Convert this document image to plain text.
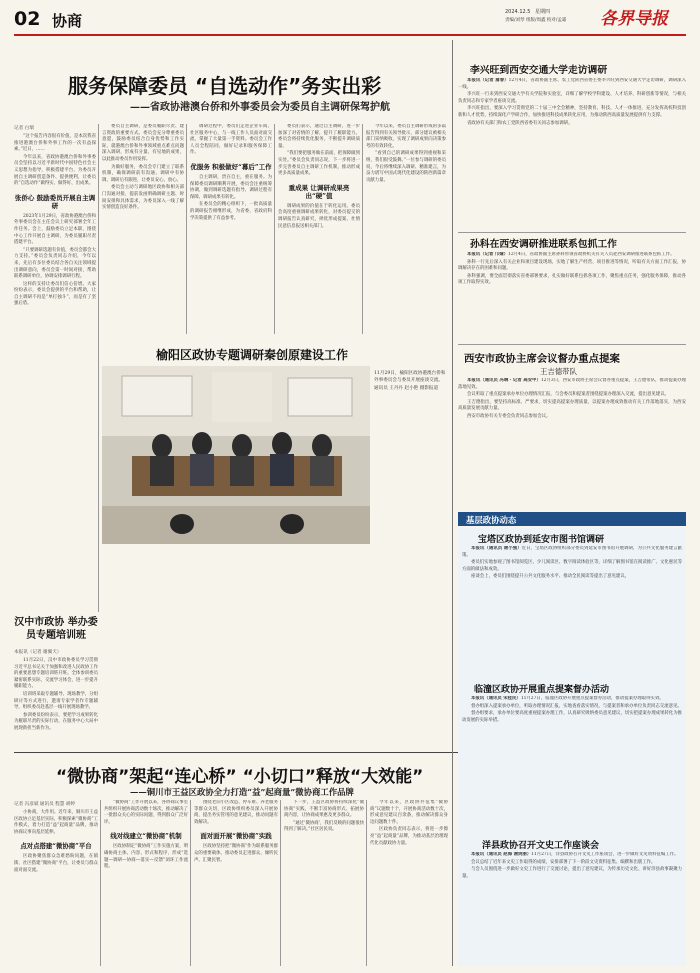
02 协商	2024.12.5 星期四
责编/刘琴 组版/周鑫 校对/孟霜 各界导报
服务保障委员 “自选动作”务实出彩
——省政协港澳台侨和外事委员会为委员自主调研保驾护航
记者 白瑞

“这个报告内容很有价值，是本次我省推进港澳台侨和外事工作的一次有益探索。”近日，……

今年以来，省政协港澳台侨和外事委员会坚持以习近平新时代中国特色社会主义思想为指导，积极搭建平台，为委员开展自主调研创造条件、提供便利，让委员的“自选动作”做得实、做得好、出成果。

张侨心 鼓励委员开展自主调研

2023年1月29日，省政协港澳台侨和外事委员会在主任会议上研究部署全年工作任务。会上，鼓励委员立足本职，围绕中心工作开展自主调研，为委员履职尽责搭建平台。

“只要调研选题有价值，委员会都会大力支持。”委员会负责同志介绍，今年以来，先后有多位委员结合各自关注领域提出调研意向，委员会第一时间对接，帮助联系调研单位，协调安排调研行程。

这样的支持让委员们信心倍增。大家纷纷表示，委员会提供的平台和帮助，让自主调研不再是“单打独斗”，而是有了坚强后盾。

委员自主调研，是委员履职尽责、建言资政的重要方式。委员会充分尊重委员意愿，鼓励委员结合自身优势和工作实际，就港澳台侨和外事领域重点难点问题深入调研，形成有分量、有见地的成果，以此推动委员作用发挥。

为做好服务，委员会专门建立了联系机制，确保调研前有沟通、调研中有协调、调研后有跟进，让委员安心、放心。

委员会主动与调研地区政协和相关部门沟通对接，提前发函明确调研主题、时间安排和具体需求，为委员深入一线了解实情创造良好条件。

调研过程中，委员们走进企业车间、社区服务中心，与一线工作人员面对面交流，掌握了大量第一手资料。委员会工作人员全程陪同，做好记录和服务保障工作。

优服务 积极做好“幕后”工作

自主调研，贵在自主，重在服务。为保障委员调研顺利开展，委员会注重统筹协调，做到调研选题有指导、调研过程有保障、调研成果有转化。

在委员会的精心组织下，一批高质量的调研报告相继形成，为省委、省政府科学决策提供了有益参考。

委员们表示，通过自主调研，进一步加深了对省情的了解，提升了履职能力。委员会将持续优化服务，不断提升调研质量。

“我们要把服务做在前面，把保障做到实处。”委员会负责同志说，下一步将进一步完善委员自主调研工作机制，推动形成更多高质量成果。

重成果 让调研成果亮出“硬”值

调研成果的价值在于转化运用。委员会高度重视调研成果转化，对委员提交的调研报告认真研究，择优形成提案、社情民意信息报送相关部门。

今年以来，委员自主调研形成的多篇报告得到有关领导批示，部分建议被相关部门采纳吸收，实现了调研成果向决策参考的有效转化。

“看到自己的调研成果得到重视和采纳，我们很受鼓舞。”一位参与调研的委员说，今后将继续深入调研、精准建言，为奋力谱写中国式现代化建设的陕西新篇章贡献力量。

榆阳区政协专题调研秦创原建设工作
11月29日，榆阳区政协港澳台侨和外事委员会与委员开展座谈交流。 通讯员 王丹丹 赵小艳 摄影报道
汉中市政协 举办委员专题培训班
本报讯（记者 谢翼天）

11月22日，汉中市政协委员学习贯彻习近平总书记关于加强和改进人民政协工作的重要思想专题培训班开班。全体参训委员紧密联系实际，交流学习体会，进一步提升履职能力。

培训班采取专题辅导、现场教学、分组研讨等方式进行，邀请专家学者作专题辅导，组织委员赴基层一线开展现场教学。

参训委员纷纷表示，要把学习成果转化为履职尽责的实际行动，在服务中心大局中展现新担当新作为。

“微协商”架起“连心桥” “小切口”释放“大效能”
——铜川市王益区政协全力打造“益”起商量”微协商工作品牌
记者 冯彦斌 通讯员 程慧 胡婷

小协商，大作用。近年来，铜川市王益区政协立足基层实际，积极探索“微协商”工作模式，着力打造“益”起商量”品牌，推动协商议事向基层延伸。

点对点搭建“微协商”平台

区政协聚焦群众急难愁盼问题，在镇街、社区搭建“微协商”平台，让委员与群众面对面交流。

“微协商”工作开展以来，各协商议事室共组织开展协商活动数十场次，推动解决了一批群众关心的实际问题，得到群众广泛好评。

线对线建立“微协商”机制

区政协制定“微协商”工作实施方案，明确协商主体、内容、形式和程序，形成“选题—调研—协商—落实—反馈”闭环工作流程。

围绕老旧小区改造、停车难、养老服务等群众关切，区政协组织委员深入开展协商，提出务实管用的意见建议，推动问题有效解决。

面对面开展“微协商”实践

区政协坚持把“微协商”作为联系服务群众的重要载体，推动委员走进群众、倾听民声、汇聚民智。

下一步，王益区政协将持续深化“微协商”实践，不断丰富协商形式、拓展协商内容，让协商成果惠及更多群众。

“通过‘微协商’，我们反映的问题很快得到了解决。”社区居民说。

今年以来，区政协共征集“微协商”议题数十个，开展协商活动数十次，形成意见建议百余条，推动解决群众身边问题数十件。

区政协负责同志表示，将进一步擦亮“益”起商量”品牌，为推动基层治理现代化贡献政协力量。

李兴旺到西安交通大学走访调研

本报讯（记者 蒲春）12月4日，省政协副主席、农工党陕西省委主委李兴旺到西安交通大学走访调研，调研深入一线。

李兴旺一行来到西安交通大学有关学院和实验室，详细了解学校学科建设、人才培养、科研创新等情况，与相关负责同志和专家学者座谈交流。

李兴旺指出，要深入学习贯彻党的二十届三中全会精神，坚持教育、科技、人才一体推进，充分发挥高校科技创新和人才优势，持续深化产学研合作，加快推进科技成果转化应用，为推动陕西高质量发展提供有力支撑。

省政协有关部门和农工党陕西省委有关同志参加调研。

孙科在西安调研推进联系包抓工作

本报讯（记者 邝婧）12月4日，省政协副主席孙科带领省政协机关有关人员赴西安调研推进联系包抓工作。

孙科一行先后深入有关企业和项目建设现场，实地了解生产经营、项目推进等情况，听取有关方面工作汇报，协调解决存在的困难和问题。

孙科强调，要全面贯彻落实省委部署要求，扎实做好联系包抓各项工作，聚焦重点任务，强化服务保障，推动各项工作取得实效。

西安市政协主席会议督办重点提案
王吉德带队

本报讯（通讯员 冯琳 · 记者 高安甲）12月3日，西安市政协主席会议督办重点提案，王吉德带队，推动提案办理落地见效。

会议听取了重点提案承办单位办理情况汇报，与会委员和提案者围绕提案办理深入交流，提出意见建议。

王吉德指出，要坚持高标准、严要求，切实提高提案办理质量，以提案办理成效推动有关工作落地落实，为西安高质量发展贡献力量。

西安市政协有关专委会负责同志参加会议。

基层政协动态
宝塔区政协到延安市图书馆调研

本报讯（通讯员 谢小强）近日，宝塔区政协组织部分委员到延安市图书馆开展调研，为公共文化服务建言献策。

委员们实地参观了图书馆阅览区、少儿阅读区、数字阅读体验区等，详细了解图书馆在阅读推广、文化惠民等方面的做法和成效。

座谈会上，委员们围绕提升公共文化服务水平、推动全民阅读等提出了意见建议。

临潼区政协开展重点提案督办活动

本报讯（通讯员 宋桂民）11月27日，临潼区政协开展重点提案督办活动，推动提案办理取得实效。

督办组深入提案承办单位，听取办理情况汇报，实地查看落实情况，与提案者和承办单位负责同志交流意见。

督办组要求，承办单位要高度重视提案办理工作，认真研究吸纳委员意见建议，切实把提案办理成果转化为推动发展的实际举措。

洋县政协召开文史工作座谈会

本报讯（通讯员 赵海 谢剑丽）11月27日，洋县政协召开文史工作座谈会，进一步做好文史资料征编工作。

会议总结了近年来文史工作取得的成绩，安排部署了下一阶段文史资料征集、编撰和出版工作。

与会人员围绕进一步做好文史工作进行了交流讨论，提出了意见建议，为传承历史文化、讲好洋县故事凝聚力量。
